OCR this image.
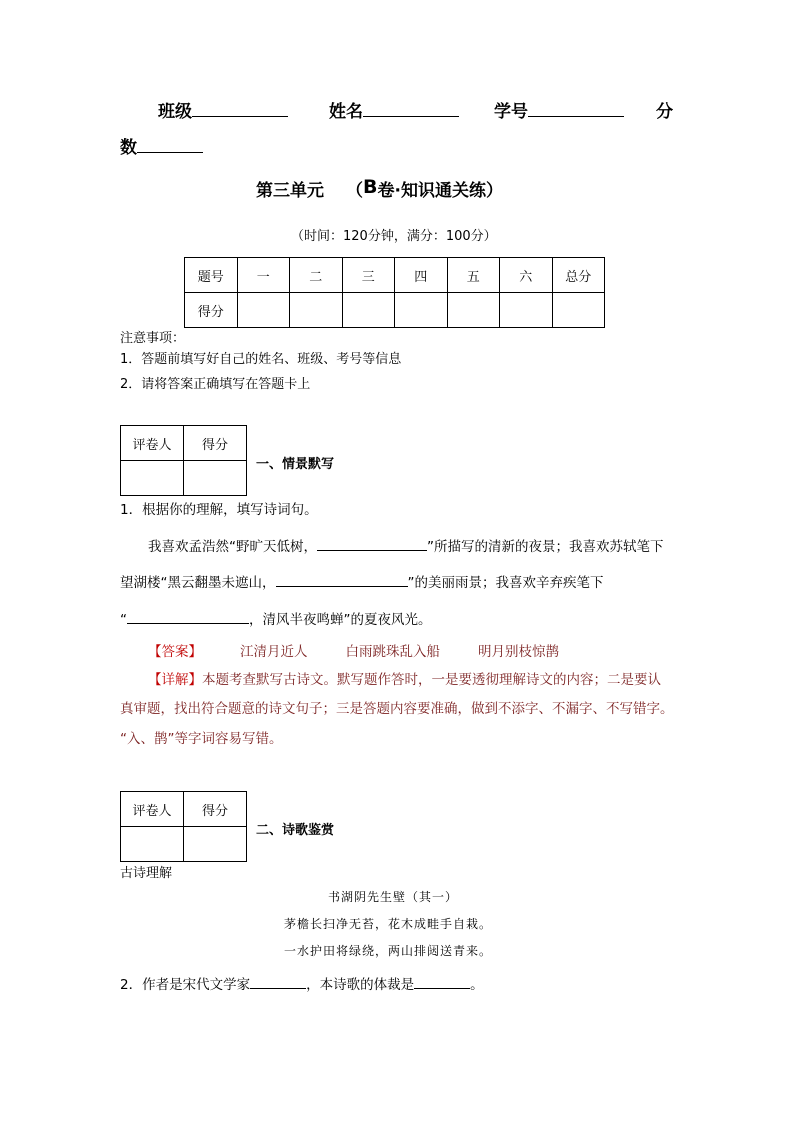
班级	姓名	学号	分
数
第三单元 （B卷·知识通关练）
（时间：120分钟，满分：100分）
题号	一	二	三	四	五	六	总分
得分							
注意事项：
1．答题前填写好自己的姓名、班级、考号等信息
2．请将答案正确填写在答题卡上
评卷人	得分

一、情景默写
1．根据你的理解，填写诗词句。
我喜欢孟浩然“野旷天低树，	”所描写的清新的夜景；我喜欢苏轼笔下
望湖楼“黑云翻墨未遮山，	”的美丽雨景；我喜欢辛弃疾笔下
“	，清风半夜鸣蝉”的夏夜风光。
【答案】	江清月近人	白雨跳珠乱入船	明月别枝惊鹊
【详解】本题考查默写古诗文。默写题作答时，一是要透彻理解诗文的内容；二是要认
真审题，找出符合题意的诗文句子；三是答题内容要准确，做到不添字、不漏字、不写错字。
“入、鹊”等字词容易写错。
评卷人	得分

二、诗歌鉴赏
古诗理解
书湖阴先生壁（其一）
茅檐长扫净无苔，花木成畦手自栽。
一水护田将绿绕，两山排闼送青来。
2．作者是宋代文学家	，本诗歌的体裁是	。
